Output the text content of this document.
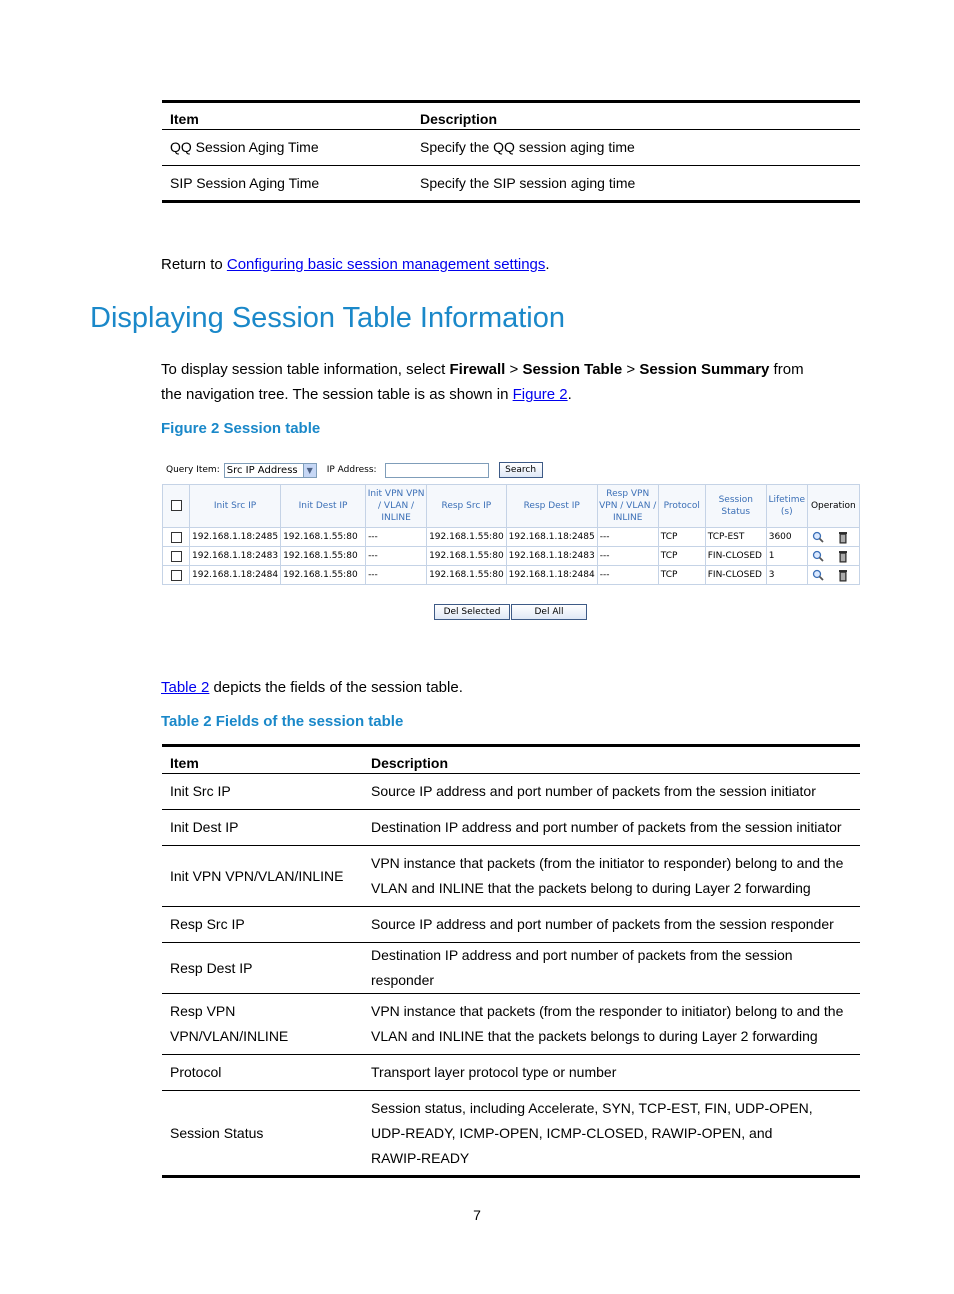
Item	Description
QQ Session Aging Time	Specify the QQ session aging time
SIP Session Aging Time	Specify the SIP session aging time
Return to Configuring basic session management settings.
Displaying Session Table Information
To display session table information, select Firewall > Session Table > Session Summary from
the navigation tree. The session table is as shown in Figure 2.
Figure 2 Session table
Query Item: Src IP Address	▼	IP Address:	Search
	Init Src IP	Init Dest IP	Init VPN VPN / VLAN / INLINE	Resp Src IP	Resp Dest IP	Resp VPN VPN / VLAN / INLINE	Protocol	Session Status	Lifetime (s)	Operation
	192.168.1.18:2485	192.168.1.55:80	---	192.168.1.55:80	192.168.1.18:2485	---	TCP	TCP-EST	3600	

	192.168.1.18:2483	192.168.1.55:80	---	192.168.1.55:80	192.168.1.18:2483	---	TCP	FIN-CLOSED	1	

	192.168.1.18:2484	192.168.1.55:80	---	192.168.1.55:80	192.168.1.18:2484	---	TCP	FIN-CLOSED	3	
Del Selected	Del All
Table 2 depicts the fields of the session table.
Table 2 Fields of the session table
Item	Description
Init Src IP	Source IP address and port number of packets from the session initiator
Init Dest IP	Destination IP address and port number of packets from the session initiator
Init VPN VPN/VLAN/INLINE	VPN instance that packets (from the initiator to responder) belong to and the
VLAN and INLINE that the packets belong to during Layer 2 forwarding
Resp Src IP	Source IP address and port number of packets from the session responder
Resp Dest IP	Destination IP address and port number of packets from the session responder
Resp VPN
VPN/VLAN/INLINE	VPN instance that packets (from the responder to initiator) belong to and the
VLAN and INLINE that the packets belongs to during Layer 2 forwarding
Protocol	Transport layer protocol type or number
Session Status	Session status, including Accelerate, SYN, TCP-EST, FIN, UDP-OPEN,
UDP-READY, ICMP-OPEN, ICMP-CLOSED, RAWIP-OPEN, and
RAWIP-READY
7
